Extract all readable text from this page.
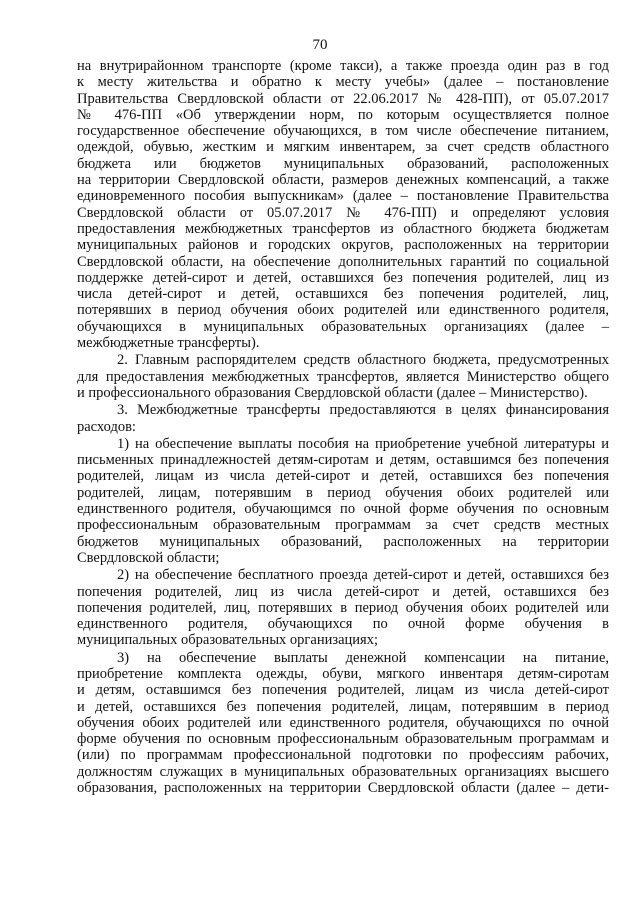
70
на внутрирайонном транспорте (кроме такси), а также проезда один раз в год
к месту жительства и обратно к месту учебы» (далее – постановление
Правительства Свердловской области от 22.06.2017 № 428-ПП), от 05.07.2017
№ 476-ПП «Об утверждении норм, по которым осуществляется полное
государственное обеспечение обучающихся, в том числе обеспечение питанием,
одеждой, обувью, жестким и мягким инвентарем, за счет средств областного
бюджета или бюджетов муниципальных образований, расположенных
на территории Свердловской области, размеров денежных компенсаций, а также
единовременного пособия выпускникам» (далее – постановление Правительства
Свердловской области от 05.07.2017 № 476-ПП) и определяют условия
предоставления межбюджетных трансфертов из областного бюджета бюджетам
муниципальных районов и городских округов, расположенных на территории
Свердловской области, на обеспечение дополнительных гарантий по социальной
поддержке детей-сирот и детей, оставшихся без попечения родителей, лиц из
числа детей-сирот и детей, оставшихся без попечения родителей, лиц,
потерявших в период обучения обоих родителей или единственного родителя,
обучающихся в муниципальных образовательных организациях (далее –
межбюджетные трансферты).
2. Главным распорядителем средств областного бюджета, предусмотренных
для предоставления межбюджетных трансфертов, является Министерство общего
и профессионального образования Свердловской области (далее – Министерство).
3. Межбюджетные трансферты предоставляются в целях финансирования
расходов:
1) на обеспечение выплаты пособия на приобретение учебной литературы и
письменных принадлежностей детям-сиротам и детям, оставшимся без попечения
родителей, лицам из числа детей-сирот и детей, оставшихся без попечения
родителей, лицам, потерявшим в период обучения обоих родителей или
единственного родителя, обучающимся по очной форме обучения по основным
профессиональным образовательным программам за счет средств местных
бюджетов муниципальных образований, расположенных на территории
Свердловской области;
2) на обеспечение бесплатного проезда детей-сирот и детей, оставшихся без
попечения родителей, лиц из числа детей-сирот и детей, оставшихся без
попечения родителей, лиц, потерявших в период обучения обоих родителей или
единственного родителя, обучающихся по очной форме обучения в
муниципальных образовательных организациях;
3) на обеспечение выплаты денежной компенсации на питание,
приобретение комплекта одежды, обуви, мягкого инвентаря детям-сиротам
и детям, оставшимся без попечения родителей, лицам из числа детей-сирот
и детей, оставшихся без попечения родителей, лицам, потерявшим в период
обучения обоих родителей или единственного родителя, обучающихся по очной
форме обучения по основным профессиональным образовательным программам и
(или) по программам профессиональной подготовки по профессиям рабочих,
должностям служащих в муниципальных образовательных организациях высшего
образования, расположенных на территории Свердловской области (далее – дети-
